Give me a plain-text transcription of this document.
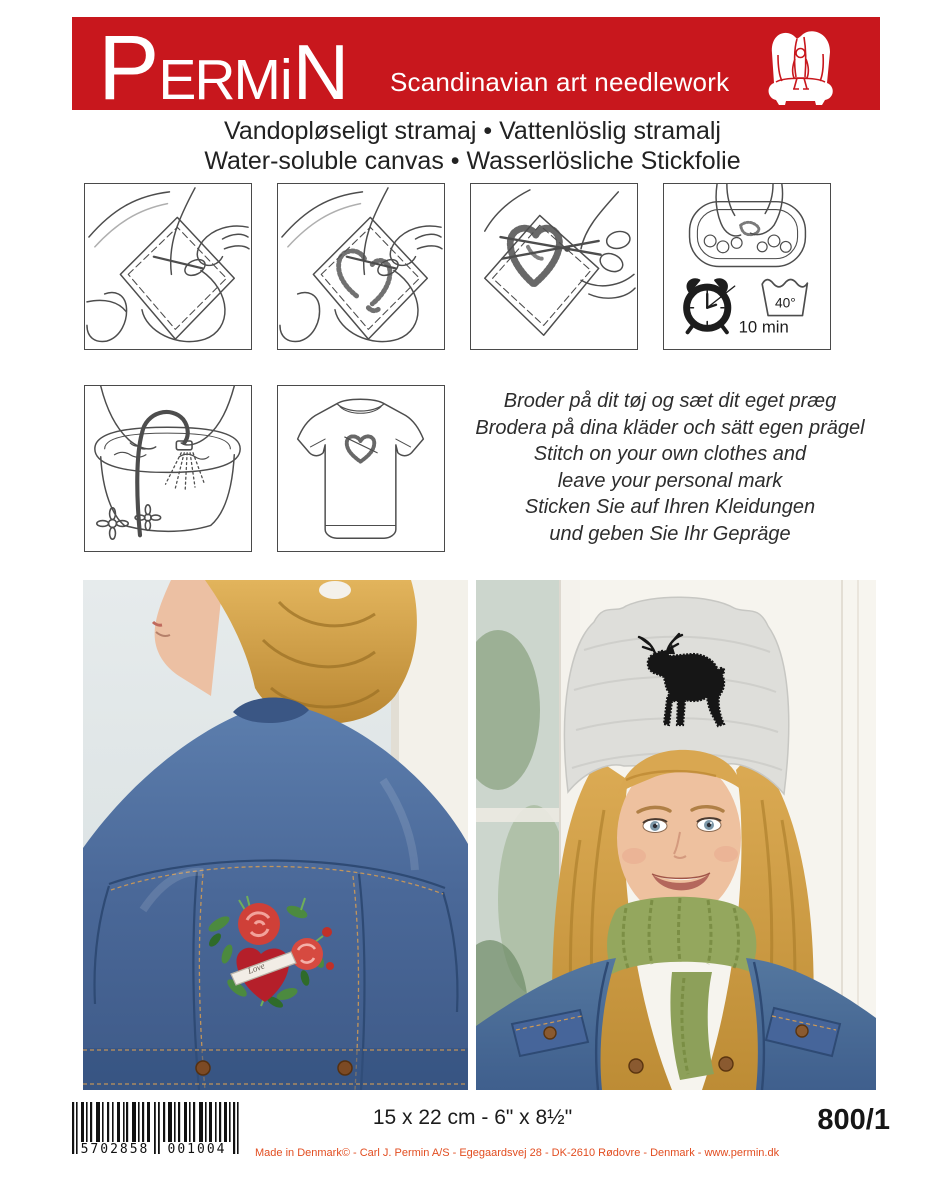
PERMiN Scandinavian art needlework
Vandopløseligt stramaj • Vattenlöslig stramalj
Water-soluble canvas • Wasserlösliche Stickfolie
10 min
40°
Broder på dit tøj og sæt dit eget præg
Brodera på dina kläder och sätt egen prägel
Stitch on your own clothes and
leave your personal mark
Sticken Sie auf Ihren Kleidungen
und geben Sie Ihr Gepräge
Love
5702858	001004
15 x 22 cm - 6" x 8½"	800/1
Made in Denmark© - Carl J. Permin A/S - Egegaardsvej 28 - DK-2610 Rødovre - Denmark - www.permin.dk
